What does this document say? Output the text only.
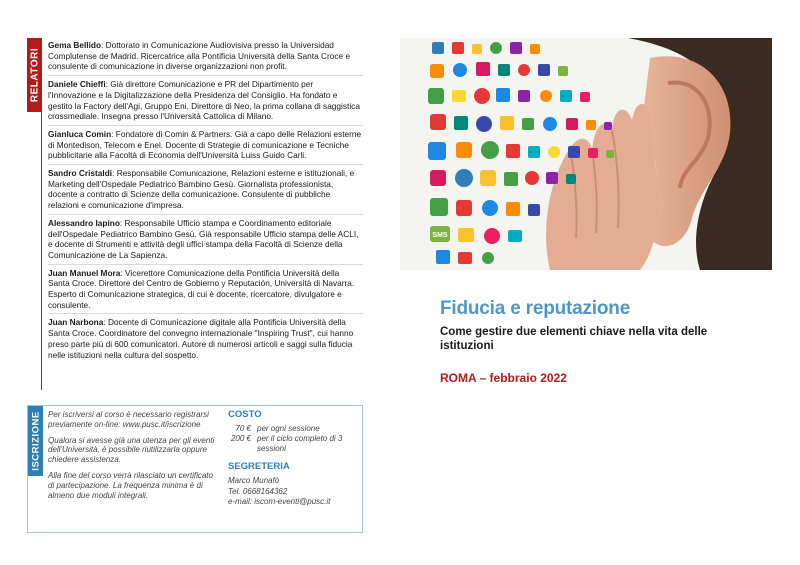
RELATORI

Gema Bellido: Dottorato in Comunicazione Audiovisiva presso la Universidad Complutense de Madrid. Ricercatrice alla Pontificia Università della Santa Croce e consulente di comunicazione in diverse organizzazioni non profit.

Daniele Chieffi: Già direttore Comunicazione e PR del Dipartimento per l'Innovazione e la Digitalizzazione della Presidenza del Consiglio. Ha fondato e gestito la Factory dell'Agi, Gruppo Eni. Direttore di Neo, la prima collana di saggistica crossmediale. Insegna presso l'Università Cattolica di Milano.

Gianluca Comin: Fondatore di Comin & Partners. Già a capo delle Relazioni esterne di Montedison, Telecom e Enel. Docente di Strategie di comunicazione e Tecniche pubblicitarie alla Facoltà di Economia dell'Università Luiss Guido Carli.

Sandro Cristaldi: Responsabile Comunicazione, Relazioni esterne e istituzionali, e Marketing dell'Ospedale Pediatrico Bambino Gesù. Giornalista professionista, docente a contratto di Scienze della comunicazione. Consulente di pubbliche relazioni e comunicazione d'impresa.

Alessandro Iapino: Responsabile Ufficio stampa e Coordinamento editoriale dell'Ospedale Pediatrico Bambino Gesù. Già responsabile Ufficio stampa delle ACLI, e docente di Strumenti e attività degli uffici stampa della Facoltà di Scienze della Comunicazione de La Sapienza.

Juan Manuel Mora: Vicerettore Comunicazione della Pontificia Università della Santa Croce. Direttore del Centro de Gobierno y Reputación, Università di Navarra. Esperto di Comunicazione strategica, di cui è docente, ricercatore, divulgatore e consulente.

Juan Narbona: Docente di Comunicazione digitale alla Pontificia Università della Santa Croce. Coordinatore del convegno internazionale "Inspiring Trust", cui hanno preso parte più di 600 comunicatori. Autore di numerosi articoli e saggi sulla fiducia nelle istituzioni nella cultura del sospetto.

ISCRIZIONE Per iscriversi al corso è necessario registrarsi previamente on-line: www.pusc.it/iscrizione

Qualora si avesse già una utenza per gli eventi dell'Università, è possibile riutilizzarla oppure chiedere assistenza.

Alla fine del corso verrà rilasciato un certificato di partecipazione. La frequenza minima è di almeno due moduli integrali.

COSTO
70 € per ogni sessione
200 € per il ciclo completo di 3 sessioni
SEGRETERIA

Marco Munafò

Tel. 0668164362

e-mail: iscom-eventi@pusc.it

SMS
Fiducia e reputazione

Come gestire due elementi chiave nella vita delle istituzioni

ROMA – febbraio 2022
